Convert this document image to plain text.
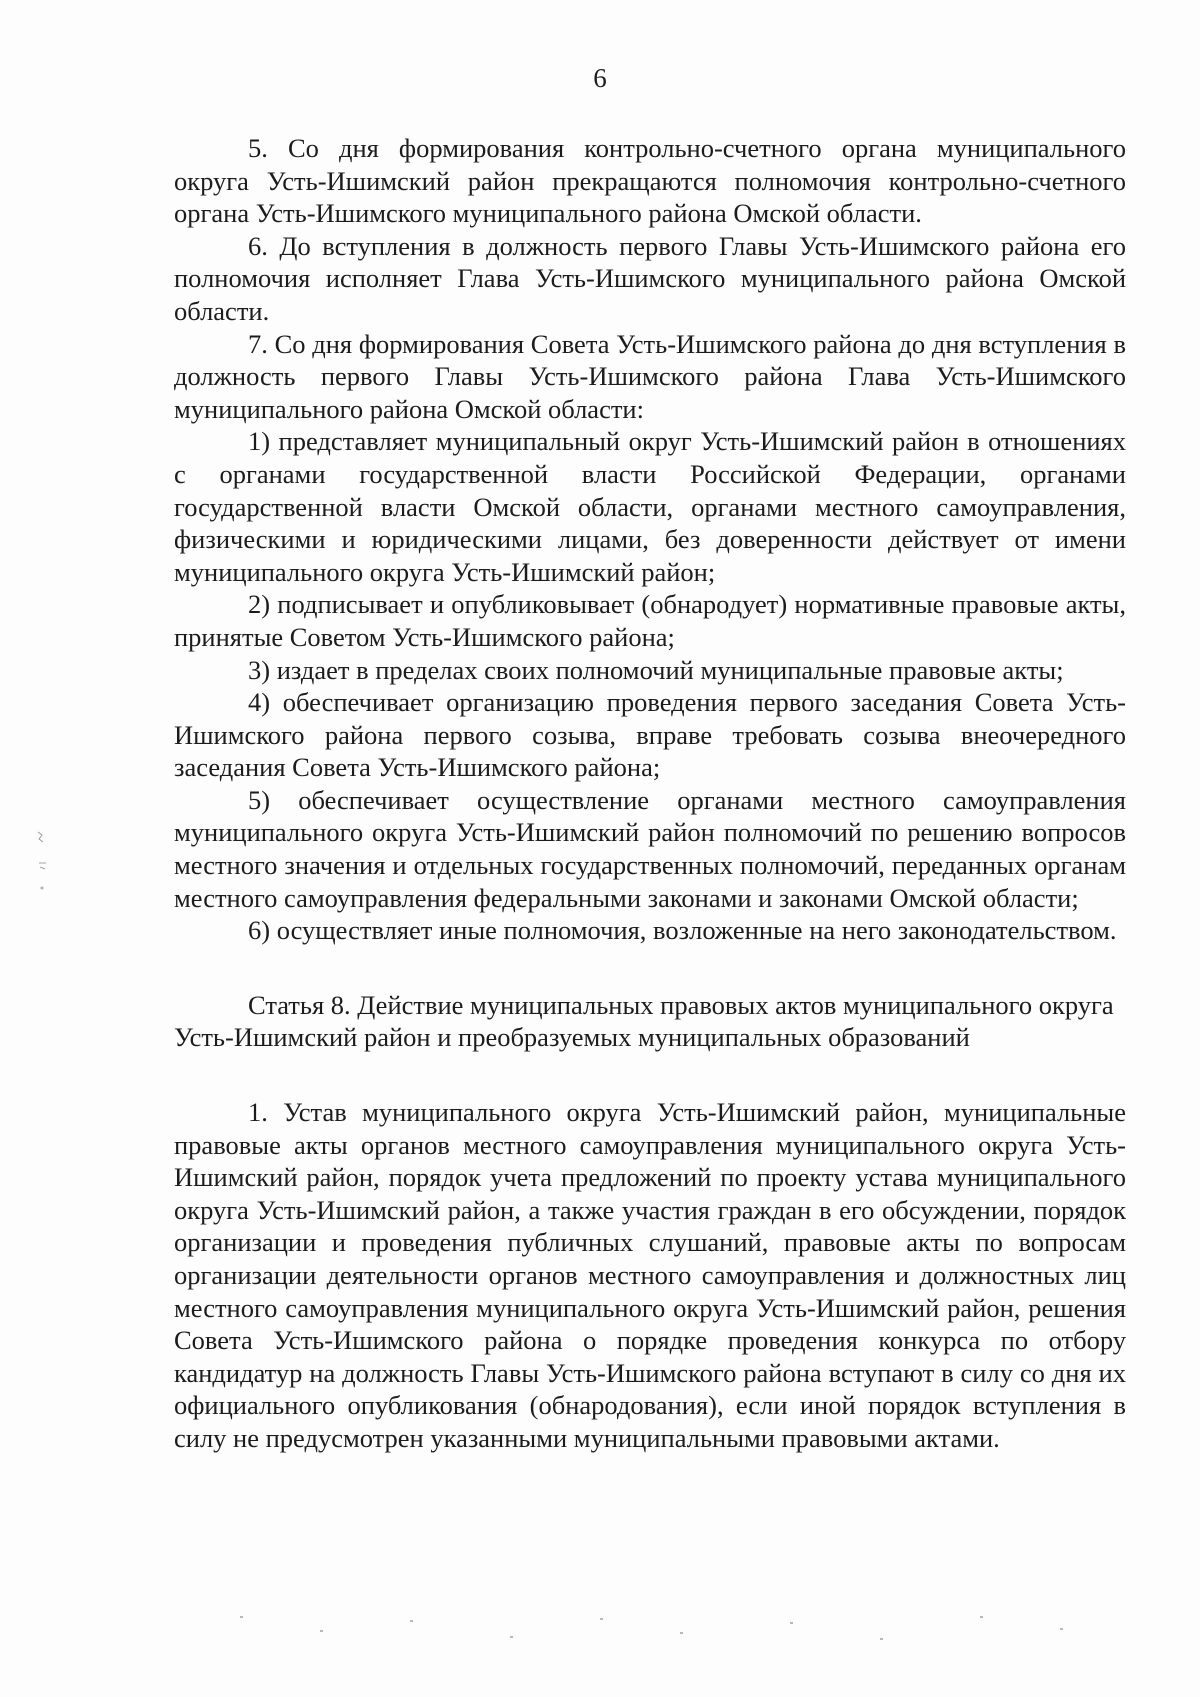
6

5. Со дня формирования контрольно-счетного органа муниципального округа Усть-Ишимский район прекращаются полномочия контрольно-счетного органа Усть-Ишимского муниципального района Омской области.

6. До вступления в должность первого Главы Усть-Ишимского района его полномочия исполняет Глава Усть-Ишимского муниципального района Омской области.

7. Со дня формирования Совета Усть-Ишимского района до дня вступления в должность первого Главы Усть-Ишимского района Глава Усть-Ишимского муниципального района Омской области:

1) представляет муниципальный округ Усть-Ишимский район в отношениях с органами государственной власти Российской Федерации, органами государственной власти Омской области, органами местного самоуправления, физическими и юридическими лицами, без доверенности действует от имени муниципального округа Усть-Ишимский район;

2) подписывает и опубликовывает (обнародует) нормативные правовые акты, принятые Советом Усть-Ишимского района;

3) издает в пределах своих полномочий муниципальные правовые акты;

4) обеспечивает организацию проведения первого заседания Совета Усть-Ишимского района первого созыва, вправе требовать созыва внеочередного заседания Совета Усть-Ишимского района;

5) обеспечивает осуществление органами местного самоуправления муниципального округа Усть-Ишимский район полномочий по решению вопросов местного значения и отдельных государственных полномочий, переданных органам местного самоуправления федеральными законами и законами Омской области;

6) осуществляет иные полномочия, возложенные на него законодательством.

Статья 8. Действие муниципальных правовых актов муниципального округа Усть-Ишимский район и преобразуемых муниципальных образований

1. Устав муниципального округа Усть-Ишимский район, муниципальные правовые акты органов местного самоуправления муниципального округа Усть-Ишимский район, порядок учета предложений по проекту устава муниципального округа Усть-Ишимский район, а также участия граждан в его обсуждении, порядок организации и проведения публичных слушаний, правовые акты по вопросам организации деятельности органов местного самоуправления и должностных лиц местного самоуправления муниципального округа Усть-Ишимский район, решения Совета Усть-Ишимского района о порядке проведения конкурса по отбору кандидатур на должность Главы Усть-Ишимского района вступают в силу со дня их официального опубликования (обнародования), если иной порядок вступления в силу не предусмотрен указанными муниципальными правовыми актами.
